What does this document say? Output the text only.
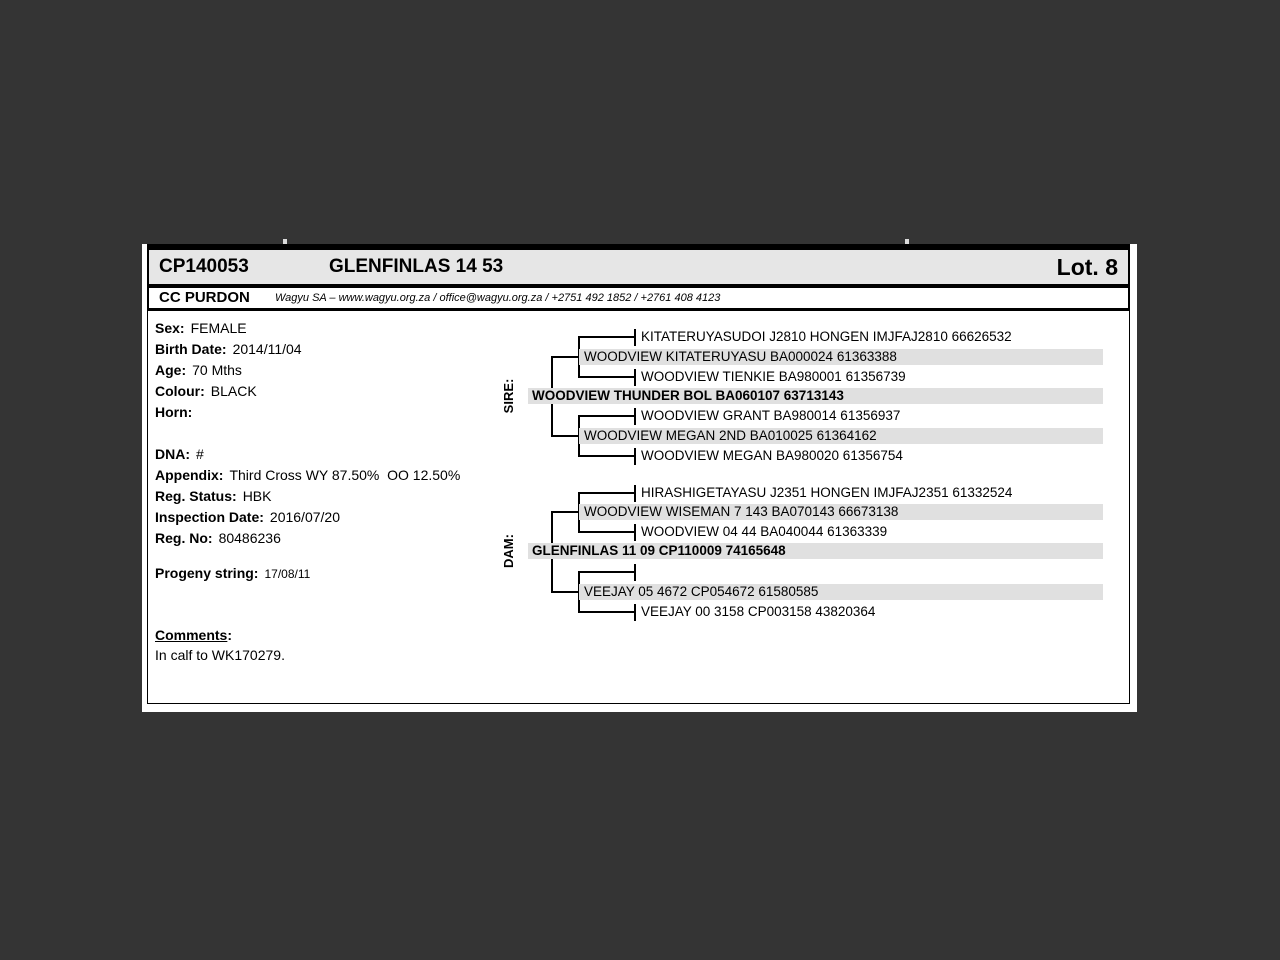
CP140053	GLENFINLAS 14 53	Lot. 8
CC PURDON Wagyu SA – www.wagyu.org.za / office@wagyu.org.za / +2751 492 1852 / +2761 408 4123
Sex: FEMALE
Birth Date: 2014/11/04
Age: 70 Mths
Colour: BLACK
Horn:
DNA: #
Appendix: Third Cross WY 87.50%  OO 12.50%
Reg. Status: HBK
Inspection Date: 2016/07/20
Reg. No: 80486236
Progeny string: 17/08/11
Comments:
In calf to WK170279.
SIRE:
DAM:
KITATERUYASUDOI J2810 HONGEN IMJFAJ2810 66626532
WOODVIEW KITATERUYASU BA000024 61363388
WOODVIEW TIENKIE BA980001 61356739
WOODVIEW THUNDER BOL BA060107 63713143
WOODVIEW GRANT BA980014 61356937
WOODVIEW MEGAN 2ND BA010025 61364162
WOODVIEW MEGAN BA980020 61356754
HIRASHIGETAYASU J2351 HONGEN IMJFAJ2351 61332524
WOODVIEW WISEMAN 7 143 BA070143 66673138
WOODVIEW 04 44 BA040044 61363339
GLENFINLAS 11 09 CP110009 74165648
VEEJAY 05 4672 CP054672 61580585
VEEJAY 00 3158 CP003158 43820364
